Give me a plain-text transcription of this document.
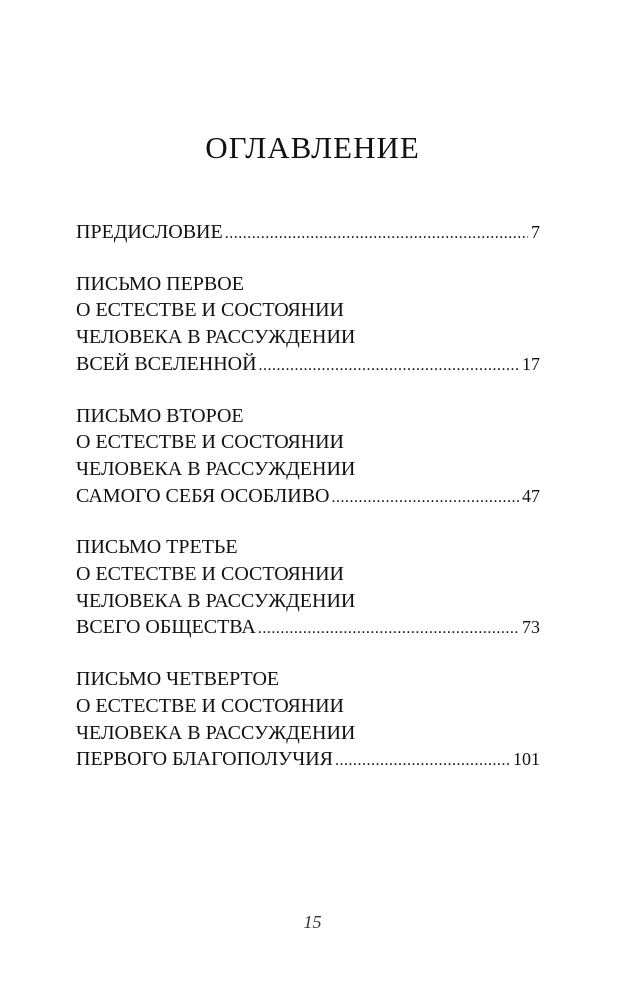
ОГЛАВЛЕНИЕ
ПРЕДИСЛОВИЕ .....	7
ПИСЬМО ПЕРВОЕ
О ЕСТЕСТВЕ И СОСТОЯНИИ
ЧЕЛОВЕКА В РАССУЖДЕНИИ
ВСЕЙ ВСЕЛЕННОЙ .....	17
ПИСЬМО ВТОРОЕ
О ЕСТЕСТВЕ И СОСТОЯНИИ
ЧЕЛОВЕКА В РАССУЖДЕНИИ
САМОГО СЕБЯ ОСОБЛИВО .....	47
ПИСЬМО ТРЕТЬЕ
О ЕСТЕСТВЕ И СОСТОЯНИИ
ЧЕЛОВЕКА В РАССУЖДЕНИИ
ВСЕГО ОБЩЕСТВА .....	73
ПИСЬМО ЧЕТВЕРТОЕ
О ЕСТЕСТВЕ И СОСТОЯНИИ
ЧЕЛОВЕКА В РАССУЖДЕНИИ
ПЕРВОГО БЛАГОПОЛУЧИЯ .....	101
15
